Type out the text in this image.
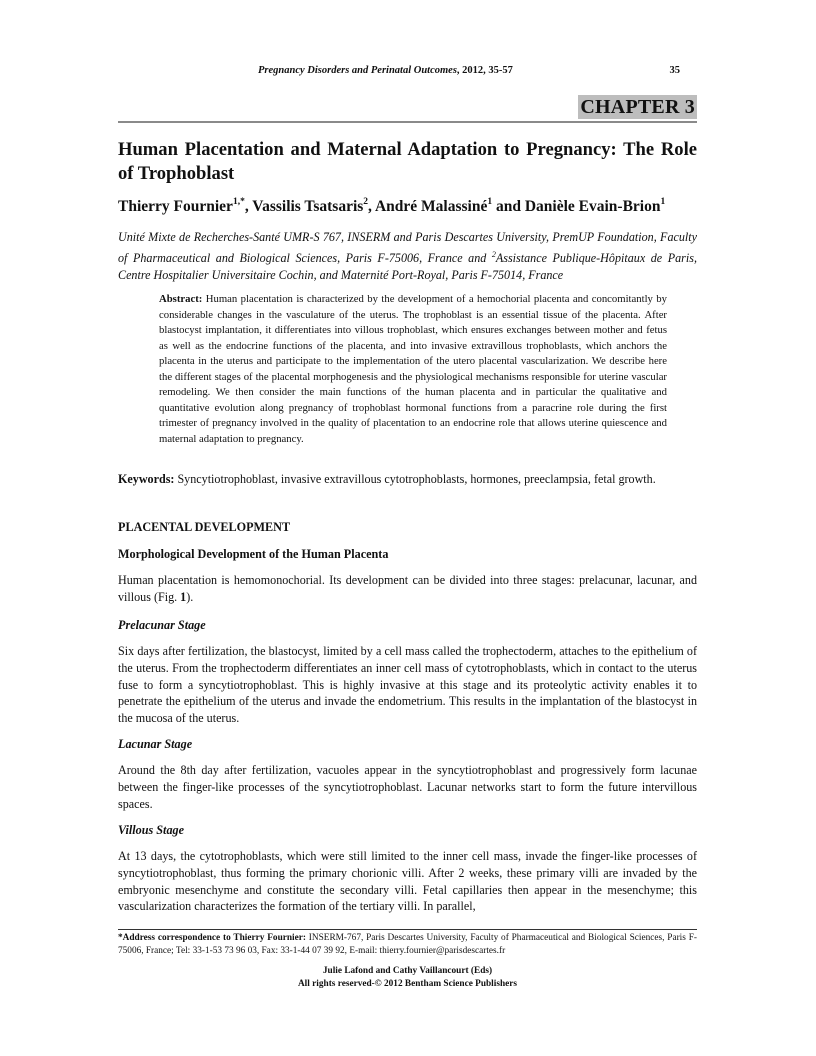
Pregnancy Disorders and Perinatal Outcomes, 2012, 35-57	35
CHAPTER 3
Human Placentation and Maternal Adaptation to Pregnancy: The Role of Trophoblast
Thierry Fournier$^{1,*}$, Vassilis Tsatsaris$^2$, André Malassiné$^1$ and Danièle Evain-Brion$^1$
Unité Mixte de Recherches-Santé UMR-S 767, INSERM and Paris Descartes University, PremUP Foundation, Faculty of Pharmaceutical and Biological Sciences, Paris F-75006, France and $^2$Assistance Publique-Hôpitaux de Paris, Centre Hospitalier Universitaire Cochin, and Maternité Port-Royal, Paris F-75014, France
Abstract: Human placentation is characterized by the development of a hemochorial placenta and concomitantly by considerable changes in the vasculature of the uterus. The trophoblast is an essential tissue of the placenta. After blastocyst implantation, it differentiates into villous trophoblast, which ensures exchanges between mother and fetus as well as the endocrine functions of the placenta, and into invasive extravillous trophoblasts, which anchors the placenta in the uterus and participate to the implementation of the utero placental vascularization. We describe here the different stages of the placental morphogenesis and the physiological mechanisms responsible for uterine vascular remodeling. We then consider the main functions of the human placenta and in particular the qualitative and quantitative evolution along pregnancy of trophoblast hormonal functions from a paracrine role during the first trimester of pregnancy involved in the quality of placentation to an endocrine role that allows uterine quiescence and maternal adaptation to pregnancy.
Keywords: Syncytiotrophoblast, invasive extravillous cytotrophoblasts, hormones, preeclampsia, fetal growth.
PLACENTAL DEVELOPMENT
Morphological Development of the Human Placenta
Human placentation is hemomonochorial. Its development can be divided into three stages: prelacunar, lacunar, and villous (Fig. 1).
Prelacunar Stage
Six days after fertilization, the blastocyst, limited by a cell mass called the trophectoderm, attaches to the epithelium of the uterus. From the trophectoderm differentiates an inner cell mass of cytotrophoblasts, which in contact to the uterus fuse to form a syncytiotrophoblast. This is highly invasive at this stage and its proteolytic activity enables it to penetrate the epithelium of the uterus and invade the endometrium. This results in the implantation of the blastocyst in the mucosa of the uterus.
Lacunar Stage
Around the 8th day after fertilization, vacuoles appear in the syncytiotrophoblast and progressively form lacunae between the finger-like processes of the syncytiotrophoblast. Lacunar networks start to form the future intervillous spaces.
Villous Stage
At 13 days, the cytotrophoblasts, which were still limited to the inner cell mass, invade the finger-like processes of syncytiotrophoblast, thus forming the primary chorionic villi. After 2 weeks, these primary villi are invaded by the embryonic mesenchyme and constitute the secondary villi. Fetal capillaries then appear in the mesenchyme; this vascularization characterizes the formation of the tertiary villi. In parallel,
*Address correspondence to Thierry Fournier: INSERM-767, Paris Descartes University, Faculty of Pharmaceutical and Biological Sciences, Paris F-75006, France; Tel: 33-1-53 73 96 03, Fax: 33-1-44 07 39 92, E-mail: thierry.fournier@parisdescartes.fr
Julie Lafond and Cathy Vaillancourt (Eds)
All rights reserved-© 2012 Bentham Science Publishers
